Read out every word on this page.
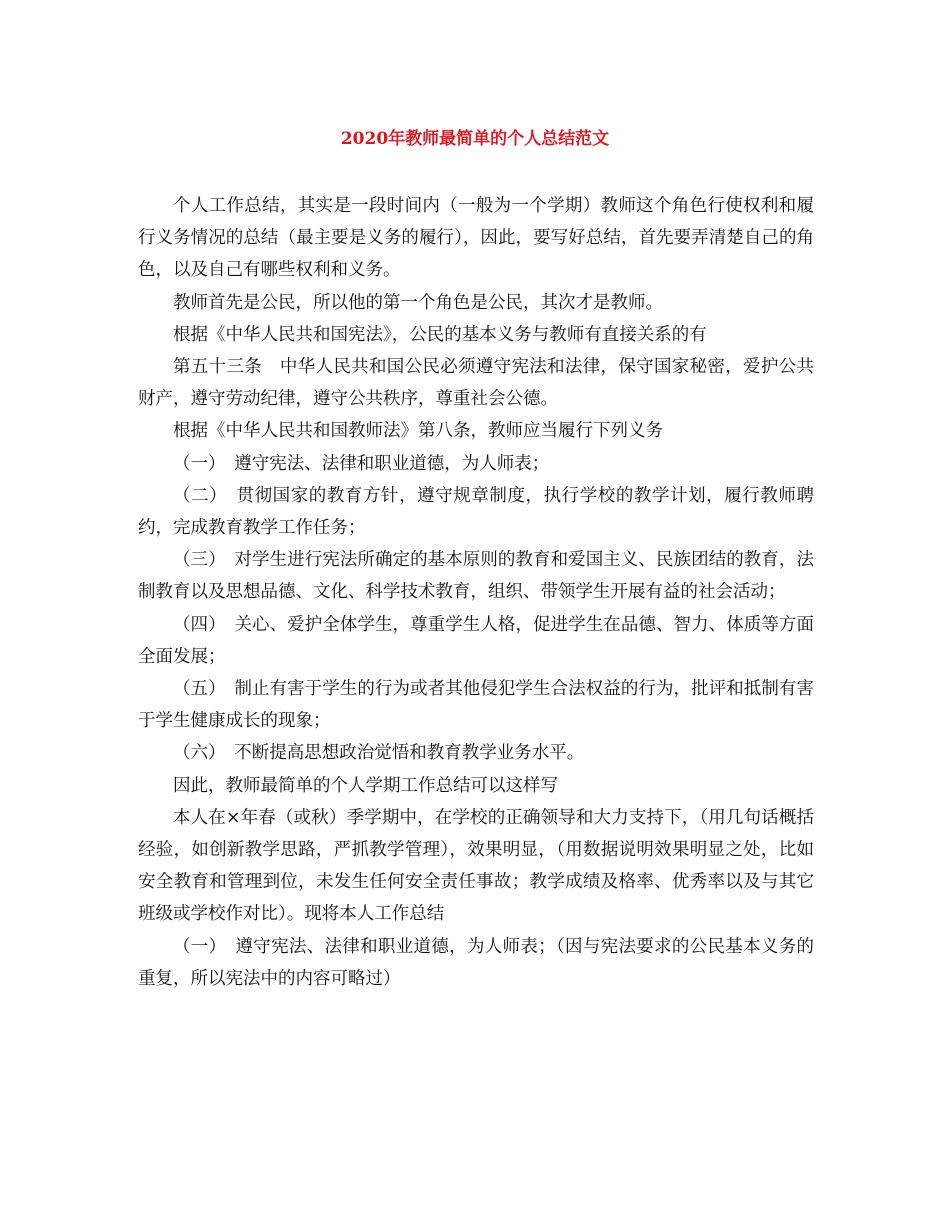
2020年教师最简单的个人总结范文

个人工作总结，其实是一段时间内（一般为一个学期）教师这个角色行使权利和履行义务情况的总结（最主要是义务的履行），因此，要写好总结，首先要弄清楚自己的角色，以及自己有哪些权利和义务。

教师首先是公民，所以他的第一个角色是公民，其次才是教师。

根据《中华人民共和国宪法》，公民的基本义务与教师有直接关系的有

第五十三条　中华人民共和国公民必须遵守宪法和法律，保守国家秘密，爱护公共财产，遵守劳动纪律，遵守公共秩序，尊重社会公德。

根据《中华人民共和国教师法》第八条，教师应当履行下列义务

（一）　遵守宪法、法律和职业道德，为人师表；

（二）　贯彻国家的教育方针，遵守规章制度，执行学校的教学计划，履行教师聘约，完成教育教学工作任务；

（三）　对学生进行宪法所确定的基本原则的教育和爱国主义、民族团结的教育，法制教育以及思想品德、文化、科学技术教育，组织、带领学生开展有益的社会活动；

（四）　关心、爱护全体学生，尊重学生人格，促进学生在品德、智力、体质等方面全面发展；

（五）　制止有害于学生的行为或者其他侵犯学生合法权益的行为，批评和抵制有害于学生健康成长的现象；

（六）　不断提高思想政治觉悟和教育教学业务水平。

因此，教师最简单的个人学期工作总结可以这样写

本人在×年春（或秋）季学期中，在学校的正确领导和大力支持下，（用几句话概括经验，如创新教学思路，严抓教学管理），效果明显，（用数据说明效果明显之处，比如安全教育和管理到位，未发生任何安全责任事故；教学成绩及格率、优秀率以及与其它班级或学校作对比）。现将本人工作总结

（一）　遵守宪法、法律和职业道德，为人师表；（因与宪法要求的公民基本义务的重复，所以宪法中的内容可略过）
